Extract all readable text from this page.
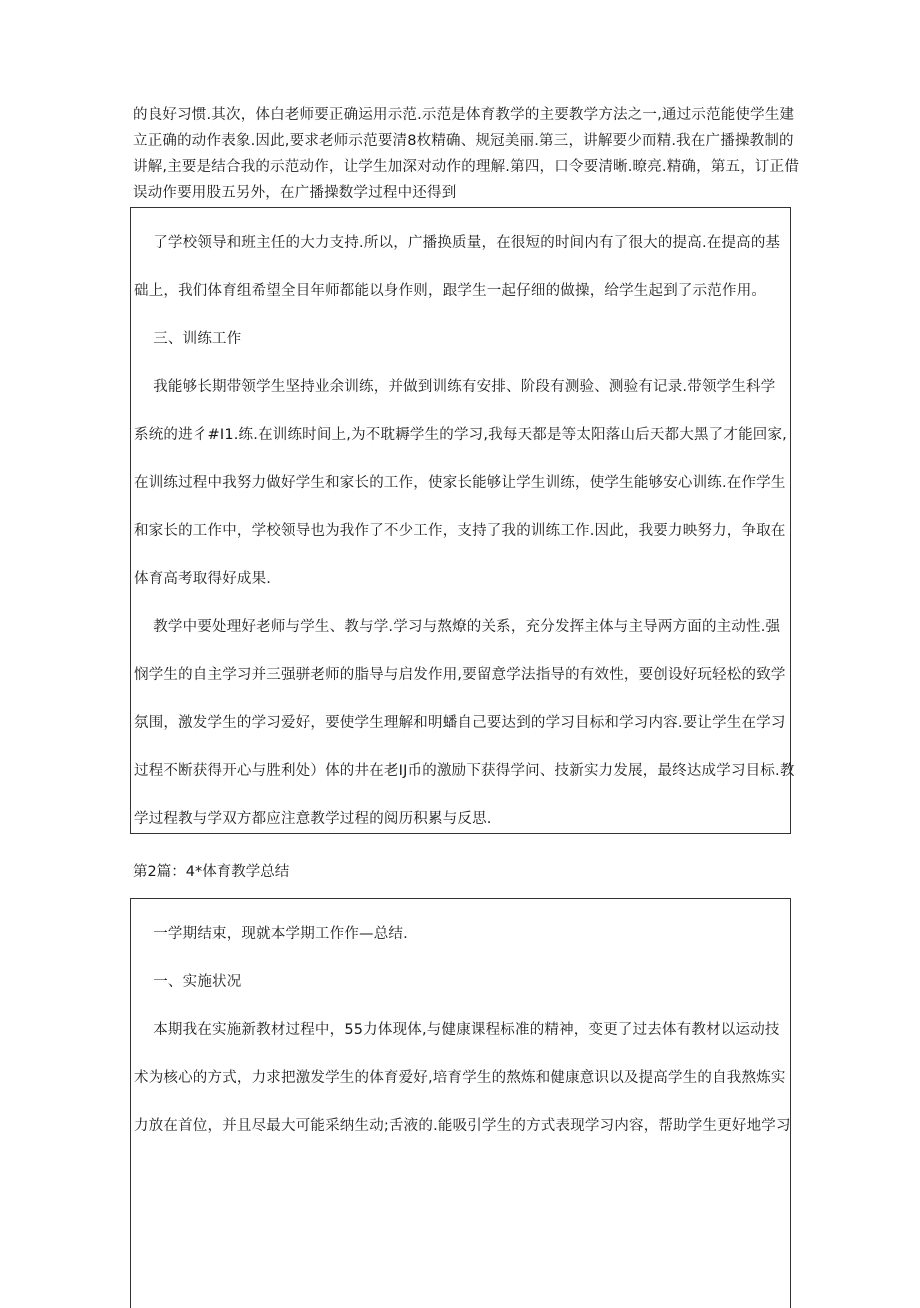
的良好习惯.其次，体白老师要正确运用示范.示范是体育教学的主要教学方法之一,通过示范能使学生建
立正确的动作表象.因此,要求老师示范要清8枚精确、规冠美丽.第三，讲解要少而精.我在广播操教制的
讲解,主要是结合我的示范动作，让学生加深对动作的理解.第四，口令要清晰.暸亮.精确，第五，订正借
误动作要用股五另外，在广播操数学过程中还得到
了学校领导和班主任的大力支持.所以，广播换质量，在很短的时间内有了很大的提高.在提高的基
础上，我们体育组希望全目年师都能以身作则，跟学生一起仔细的做操，给学生起到了示范作用。
三、训练工作
我能够长期带领学生坚持业余训练，并做到训练有安排、阶段有测验、测验有记录.带领学生科学
系统的进彳#I1.练.在训练时间上,为不耽耨学生的学习,我每天都是等太阳落山后天都大黑了才能回家,
在训练过程中我努力做好学生和家长的工作，使家长能够让学生训练，使学生能够安心训练.在作学生
和家长的工作中，学校领导也为我作了不少工作，支持了我的训练工作.因此，我要力映努力，争取在
体育高考取得好成果.
教学中要处理好老师与学生、教与学.学习与熬燎的关系，充分发挥主体与主导两方面的主动性.强
悯学生的自主学习并三强骈老师的脂导与启发作用,要留意学法指导的有效性，要创设好玩轻松的致学
氛围，激发学生的学习爱好，要使学生理解和明蟠自己要达到的学习目标和学习内容.要让学生在学习
过程不断获得开心与胜利处）体的井在老IJ币的激励下获得学问、技新实力发展，最终达成学习目标.教
学过程教与学双方都应注意教学过程的阅历积累与反思.
第2篇：4*体育教学总结
一学期结束，现就本学期工作作—总结.
一、实施状况
本期我在实施新教材过程中，55力体现体,与健康课程标准的精神，变更了过去体有教材以运动技
术为核心的方式，力求把激发学生的体育爱好,培育学生的熬炼和健康意识以及提高学生的自我熬炼实
力放在首位，并且尽最大可能采纳生动;舌液的.能吸引学生的方式表现学习内容，帮助学生更好地学习
